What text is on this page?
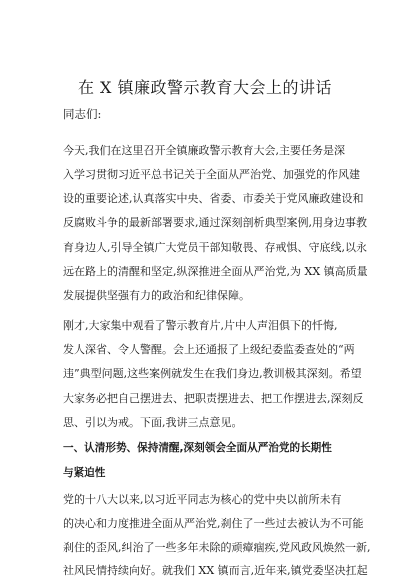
在 X 镇廉政警示教育大会上的讲话
同志们:
今天,我们在这里召开全镇廉政警示教育大会,主要任务是深
入学习贯彻习近平总书记关于全面从严治党、加强党的作风建
设的重要论述,认真落实中央、省委、市委关于党风廉政建设和
反腐败斗争的最新部署要求,通过深刻剖析典型案例,用身边事教
育身边人,引导全镇广大党员干部知敬畏、存戒惧、守底线,以永
远在路上的清醒和坚定,纵深推进全面从严治党,为 XX 镇高质量
发展提供坚强有力的政治和纪律保障。
刚才,大家集中观看了警示教育片,片中人声泪俱下的忏悔,
发人深省、令人警醒。会上还通报了上级纪委监委查处的“两
违”典型问题,这些案例就发生在我们身边,教训极其深刻。希望
大家务必把自己摆进去、把职责摆进去、把工作摆进去,深刻反
思、引以为戒。下面,我讲三点意见。
一、认清形势、保持清醒,深刻领会全面从严治党的长期性
与紧迫性
党的十八大以来,以习近平同志为核心的党中央以前所未有
的决心和力度推进全面从严治党,刹住了一些过去被认为不可能
刹住的歪风,纠治了一些多年未除的顽瘴痼疾,党风政风焕然一新,
社风民情持续向好。就我们 XX 镇而言,近年来,镇党委坚决扛起
